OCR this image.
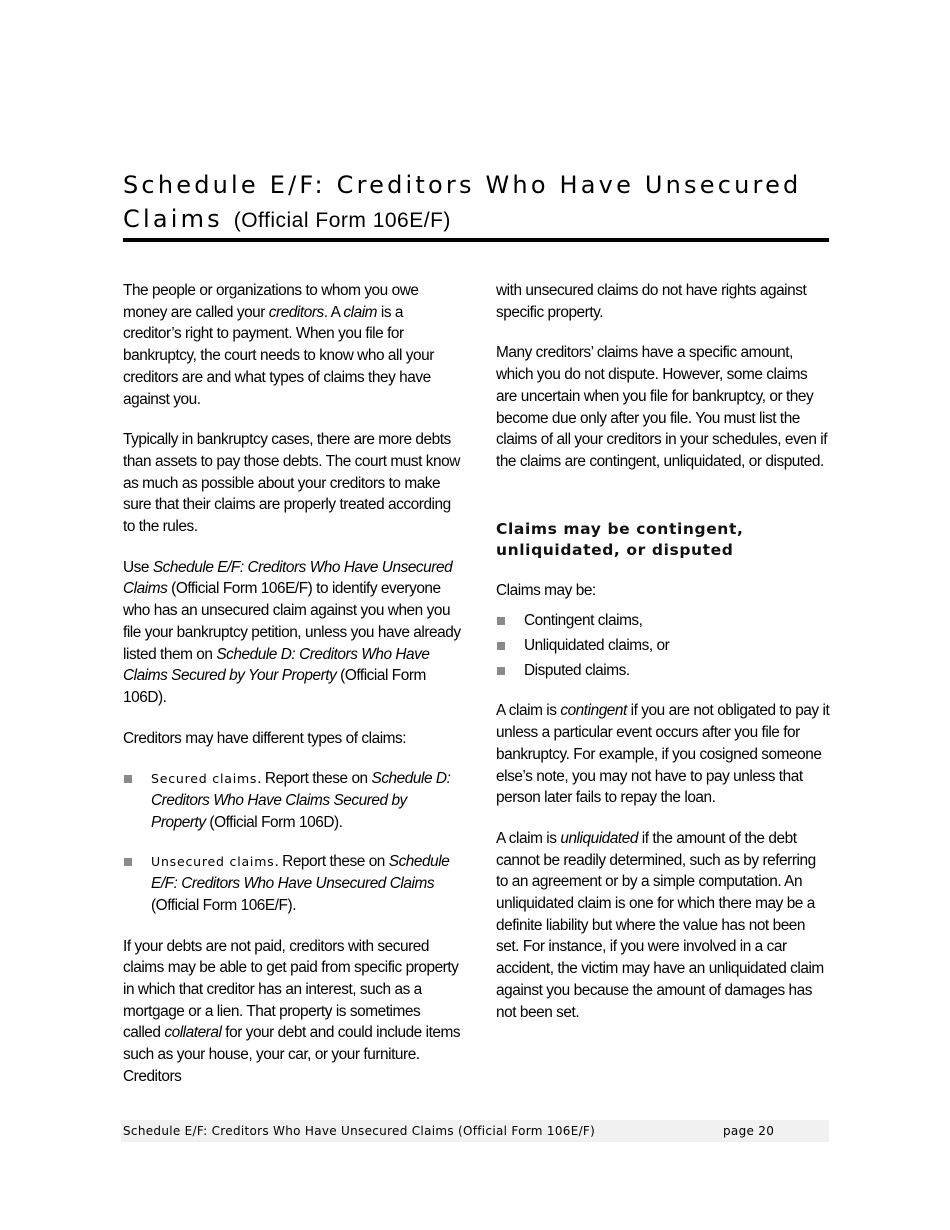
Schedule E/F: Creditors Who Have Unsecured Claims (Official Form 106E/F)

The people or organizations to whom you owe money are called your creditors. A claim is a creditor’s right to payment. When you file for bankruptcy, the court needs to know who all your creditors are and what types of claims they have against you.

Typically in bankruptcy cases, there are more debts than assets to pay those debts. The court must know as much as possible about your creditors to make sure that their claims are properly treated according to the rules.

Use Schedule E/F: Creditors Who Have Unsecured Claims (Official Form 106E/F) to identify everyone who has an unsecured claim against you when you file your bankruptcy petition, unless you have already listed them on Schedule D: Creditors Who Have Claims Secured by Your Property (Official Form 106D).

Creditors may have different types of claims:

Secured claims. Report these on Schedule D: Creditors Who Have Claims Secured by Property (Official Form 106D).
Unsecured claims. Report these on Schedule E/F: Creditors Who Have Unsecured Claims (Official Form 106E/F).

If your debts are not paid, creditors with secured claims may be able to get paid from specific property in which that creditor has an interest, such as a mortgage or a lien. That property is sometimes called collateral for your debt and could include items such as your house, your car, or your furniture. Creditors

with unsecured claims do not have rights against specific property.

Many creditors’ claims have a specific amount, which you do not dispute. However, some claims are uncertain when you file for bankruptcy, or they become due only after you file. You must list the claims of all your creditors in your schedules, even if the claims are contingent, unliquidated, or disputed.

Claims may be contingent, unliquidated, or disputed

Claims may be:

Contingent claims,
Unliquidated claims, or
Disputed claims.

A claim is contingent if you are not obligated to pay it unless a particular event occurs after you file for bankruptcy. For example, if you cosigned someone else’s note, you may not have to pay unless that person later fails to repay the loan.

A claim is unliquidated if the amount of the debt cannot be readily determined, such as by referring to an agreement or by a simple computation. An unliquidated claim is one for which there may be a definite liability but where the value has not been set. For instance, if you were involved in a car accident, the victim may have an unliquidated claim against you because the amount of damages has not been set.

Schedule E/F: Creditors Who Have Unsecured Claims (Official Form 106E/F)	page 20
